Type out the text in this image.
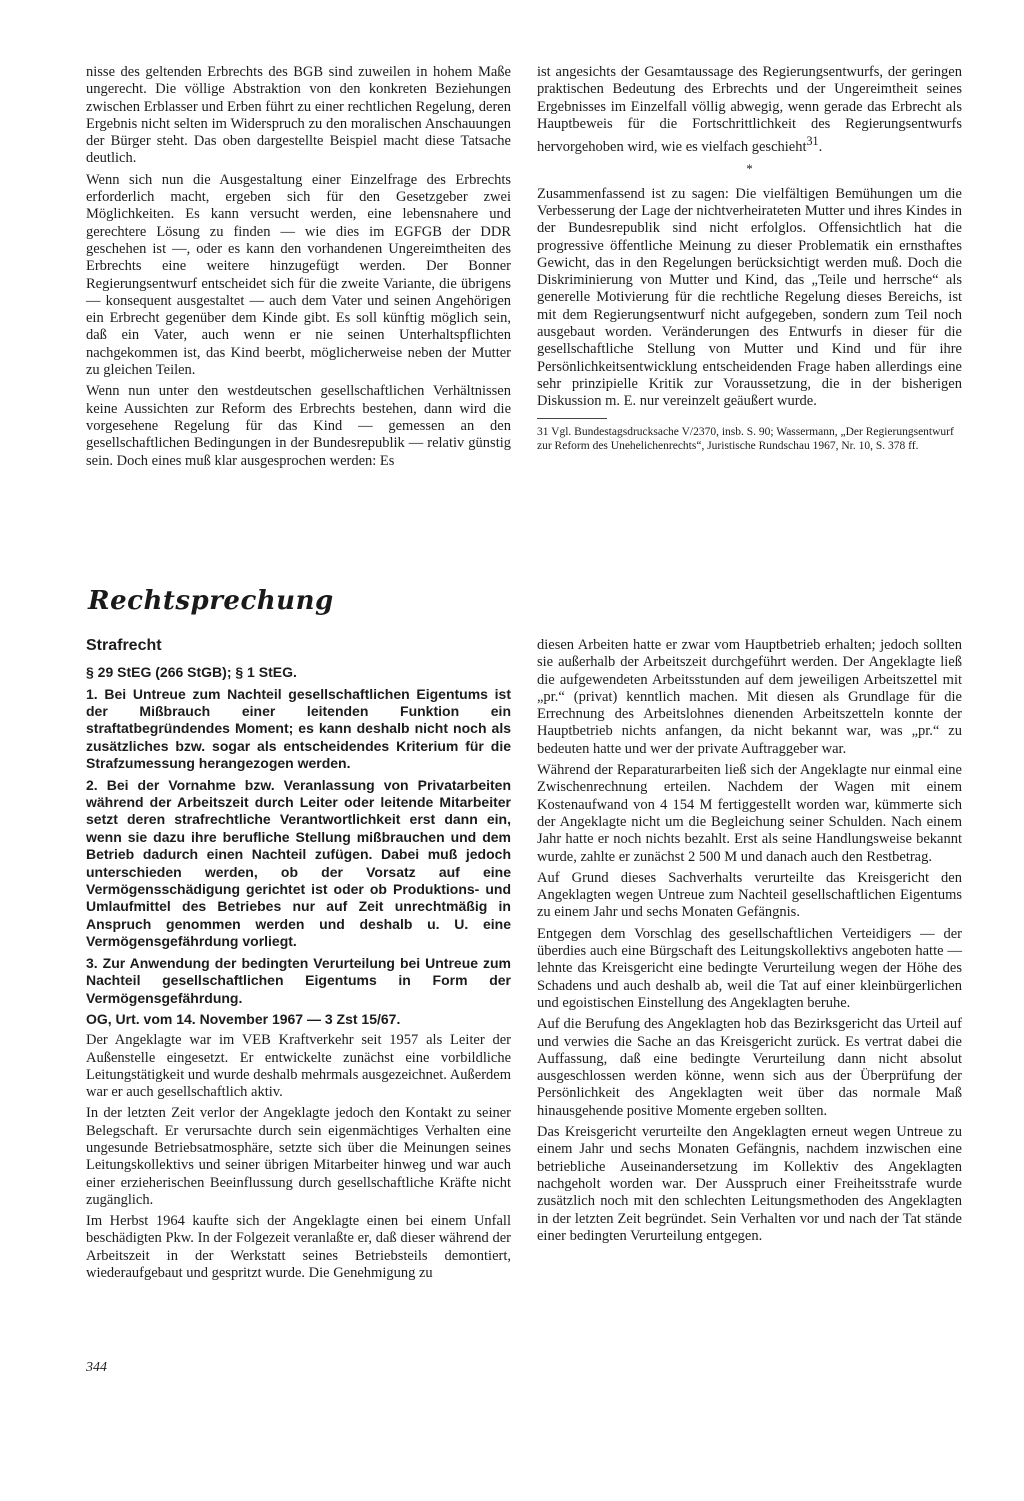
nisse des geltenden Erbrechts des BGB sind zuweilen in hohem Maße ungerecht. Die völlige Abstraktion von den konkreten Beziehungen zwischen Erblasser und Erben führt zu einer rechtlichen Regelung, deren Ergebnis nicht selten im Widerspruch zu den moralischen Anschauungen der Bürger steht. Das oben dargestellte Beispiel macht diese Tatsache deutlich.

Wenn sich nun die Ausgestaltung einer Einzelfrage des Erbrechts erforderlich macht, ergeben sich für den Gesetzgeber zwei Möglichkeiten. Es kann versucht werden, eine lebensnahere und gerechtere Lösung zu finden — wie dies im EGFGB der DDR geschehen ist —, oder es kann den vorhandenen Ungereimtheiten des Erbrechts eine weitere hinzugefügt werden. Der Bonner Regierungsentwurf entscheidet sich für die zweite Variante, die übrigens — konsequent ausgestaltet — auch dem Vater und seinen Angehörigen ein Erbrecht gegenüber dem Kinde gibt. Es soll künftig möglich sein, daß ein Vater, auch wenn er nie seinen Unterhaltspflichten nachgekommen ist, das Kind beerbt, möglicherweise neben der Mutter zu gleichen Teilen.

Wenn nun unter den westdeutschen gesellschaftlichen Verhältnissen keine Aussichten zur Reform des Erbrechts bestehen, dann wird die vorgesehene Regelung für das Kind — gemessen an den gesellschaftlichen Bedingungen in der Bundesrepublik — relativ günstig sein. Doch eines muß klar ausgesprochen werden: Es

ist angesichts der Gesamtaussage des Regierungsentwurfs, der geringen praktischen Bedeutung des Erbrechts und der Ungereimtheit seines Ergebnisses im Einzelfall völlig abwegig, wenn gerade das Erbrecht als Hauptbeweis für die Fortschrittlichkeit des Regierungsentwurfs hervorgehoben wird, wie es vielfach geschieht$^{31}$.

*

Zusammenfassend ist zu sagen: Die vielfältigen Bemühungen um die Verbesserung der Lage der nichtverheirateten Mutter und ihres Kindes in der Bundesrepublik sind nicht erfolglos. Offensichtlich hat die progressive öffentliche Meinung zu dieser Problematik ein ernsthaftes Gewicht, das in den Regelungen berücksichtigt werden muß. Doch die Diskriminierung von Mutter und Kind, das „Teile und herrsche“ als generelle Motivierung für die rechtliche Regelung dieses Bereichs, ist mit dem Regierungsentwurf nicht aufgegeben, sondern zum Teil noch ausgebaut worden. Veränderungen des Entwurfs in dieser für die gesellschaftliche Stellung von Mutter und Kind und für ihre Persönlichkeitsentwicklung entscheidenden Frage haben allerdings eine sehr prinzipielle Kritik zur Voraussetzung, die in der bisherigen Diskussion m. E. nur vereinzelt geäußert wurde.

31 Vgl. Bundestagsdrucksache V/2370, insb. S. 90; Wassermann, „Der Regierungsentwurf zur Reform des Unehelichenrechts“, Juristische Rundschau 1967, Nr. 10, S. 378 ff.

Rechtsprechung
Strafrecht

§ 29 StEG (266 StGB); § 1 StEG.

1. Bei Untreue zum Nachteil gesellschaftlichen Eigentums ist der Mißbrauch einer leitenden Funktion ein straftatbegründendes Moment; es kann deshalb nicht noch als zusätzliches bzw. sogar als entscheidendes Kriterium für die Strafzumessung herangezogen werden.

2. Bei der Vornahme bzw. Veranlassung von Privatarbeiten während der Arbeitszeit durch Leiter oder leitende Mitarbeiter setzt deren strafrechtliche Verantwortlichkeit erst dann ein, wenn sie dazu ihre berufliche Stellung mißbrauchen und dem Betrieb dadurch einen Nachteil zufügen. Dabei muß jedoch unterschieden werden, ob der Vorsatz auf eine Vermögensschädigung gerichtet ist oder ob Produktions- und Umlaufmittel des Betriebes nur auf Zeit unrechtmäßig in Anspruch genommen werden und deshalb u. U. eine Vermögensgefährdung vorliegt.

3. Zur Anwendung der bedingten Verurteilung bei Untreue zum Nachteil gesellschaftlichen Eigentums in Form der Vermögensgefährdung.

OG, Urt. vom 14. November 1967 — 3 Zst 15/67.

Der Angeklagte war im VEB Kraftverkehr seit 1957 als Leiter der Außenstelle eingesetzt. Er entwickelte zunächst eine vorbildliche Leitungstätigkeit und wurde deshalb mehrmals ausgezeichnet. Außerdem war er auch gesellschaftlich aktiv.

In der letzten Zeit verlor der Angeklagte jedoch den Kontakt zu seiner Belegschaft. Er verursachte durch sein eigenmächtiges Verhalten eine ungesunde Betriebsatmosphäre, setzte sich über die Meinungen seines Leitungskollektivs und seiner übrigen Mitarbeiter hinweg und war auch einer erzieherischen Beeinflussung durch gesellschaftliche Kräfte nicht zugänglich.

Im Herbst 1964 kaufte sich der Angeklagte einen bei einem Unfall beschädigten Pkw. In der Folgezeit veranlaßte er, daß dieser während der Arbeitszeit in der Werkstatt seines Betriebsteils demontiert, wiederaufgebaut und gespritzt wurde. Die Genehmigung zu

diesen Arbeiten hatte er zwar vom Hauptbetrieb erhalten; jedoch sollten sie außerhalb der Arbeitszeit durchgeführt werden. Der Angeklagte ließ die aufgewendeten Arbeitsstunden auf dem jeweiligen Arbeitszettel mit „pr.“ (privat) kenntlich machen. Mit diesen als Grundlage für die Errechnung des Arbeitslohnes dienenden Arbeitszetteln konnte der Hauptbetrieb nichts anfangen, da nicht bekannt war, was „pr.“ zu bedeuten hatte und wer der private Auftraggeber war.

Während der Reparaturarbeiten ließ sich der Angeklagte nur einmal eine Zwischenrechnung erteilen. Nachdem der Wagen mit einem Kostenaufwand von 4 154 M fertiggestellt worden war, kümmerte sich der Angeklagte nicht um die Begleichung seiner Schulden. Nach einem Jahr hatte er noch nichts bezahlt. Erst als seine Handlungsweise bekannt wurde, zahlte er zunächst 2 500 M und danach auch den Restbetrag.

Auf Grund dieses Sachverhalts verurteilte das Kreisgericht den Angeklagten wegen Untreue zum Nachteil gesellschaftlichen Eigentums zu einem Jahr und sechs Monaten Gefängnis.

Entgegen dem Vorschlag des gesellschaftlichen Verteidigers — der überdies auch eine Bürgschaft des Leitungskollektivs angeboten hatte — lehnte das Kreisgericht eine bedingte Verurteilung wegen der Höhe des Schadens und auch deshalb ab, weil die Tat auf einer kleinbürgerlichen und egoistischen Einstellung des Angeklagten beruhe.

Auf die Berufung des Angeklagten hob das Bezirksgericht das Urteil auf und verwies die Sache an das Kreisgericht zurück. Es vertrat dabei die Auffassung, daß eine bedingte Verurteilung dann nicht absolut ausgeschlossen werden könne, wenn sich aus der Überprüfung der Persönlichkeit des Angeklagten weit über das normale Maß hinausgehende positive Momente ergeben sollten.

Das Kreisgericht verurteilte den Angeklagten erneut wegen Untreue zu einem Jahr und sechs Monaten Gefängnis, nachdem inzwischen eine betriebliche Auseinandersetzung im Kollektiv des Angeklagten nachgeholt worden war. Der Ausspruch einer Freiheitsstrafe wurde zusätzlich noch mit den schlechten Leitungsmethoden des Angeklagten in der letzten Zeit begründet. Sein Verhalten vor und nach der Tat stände einer bedingten Verurteilung entgegen.

344
